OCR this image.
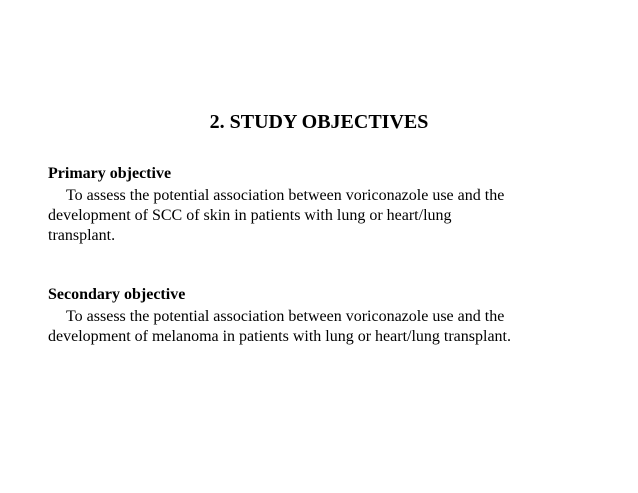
2. STUDY OBJECTIVES

Primary objective

To assess the potential association between voriconazole use and the
development of SCC of skin in patients with lung or heart/lung
transplant.

Secondary objective

To assess the potential association between voriconazole use and the
development of melanoma in patients with lung or heart/lung transplant.
